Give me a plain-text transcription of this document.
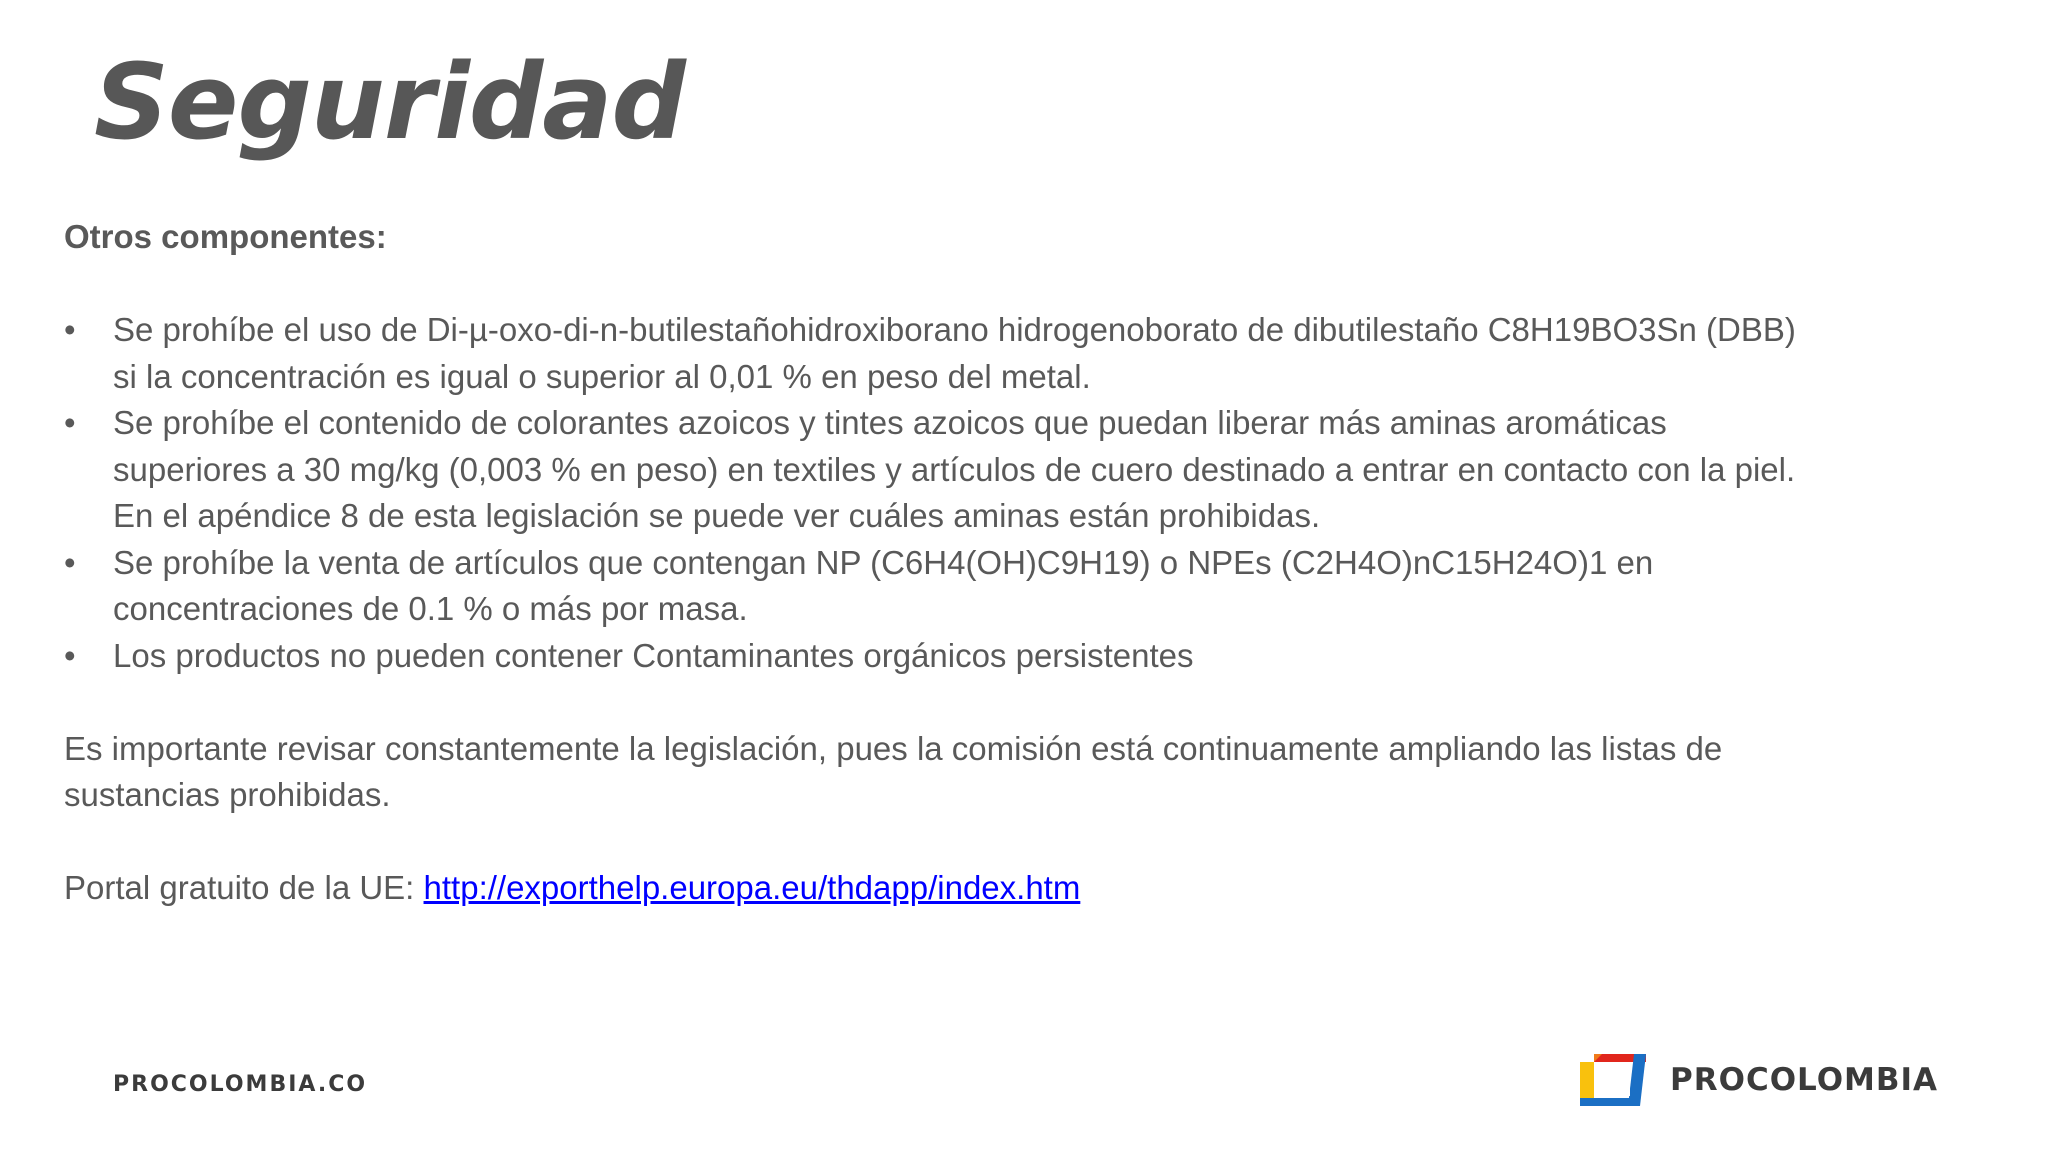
Seguridad

Otros componentes:

•	Se prohíbe el uso de Di-µ-oxo-di-n-butilestañohidroxiborano hidrogenoborato de dibutilestaño C8H19BO3Sn (DBB)
si la concentración es igual o superior al 0,01 % en peso del metal.
•	Se prohíbe el contenido de colorantes azoicos y tintes azoicos que puedan liberar más aminas aromáticas
superiores a 30 mg/kg (0,003 % en peso) en textiles y artículos de cuero destinado a entrar en contacto con la piel.
En el apéndice 8 de esta legislación se puede ver cuáles aminas están prohibidas.
•	Se prohíbe la venta de artículos que contengan NP (C6H4(OH)C9H19) o NPEs (C2H4O)nC15H24O)1 en
concentraciones de 0.1 % o más por masa.
•	Los productos no pueden contener Contaminantes orgánicos persistentes

Es importante revisar constantemente la legislación, pues la comisión está continuamente ampliando las listas de
sustancias prohibidas.

Portal gratuito de la UE: http://exporthelp.europa.eu/thdapp/index.htm

PROCOLOMBIA.CO	PROCOLOMBIA
